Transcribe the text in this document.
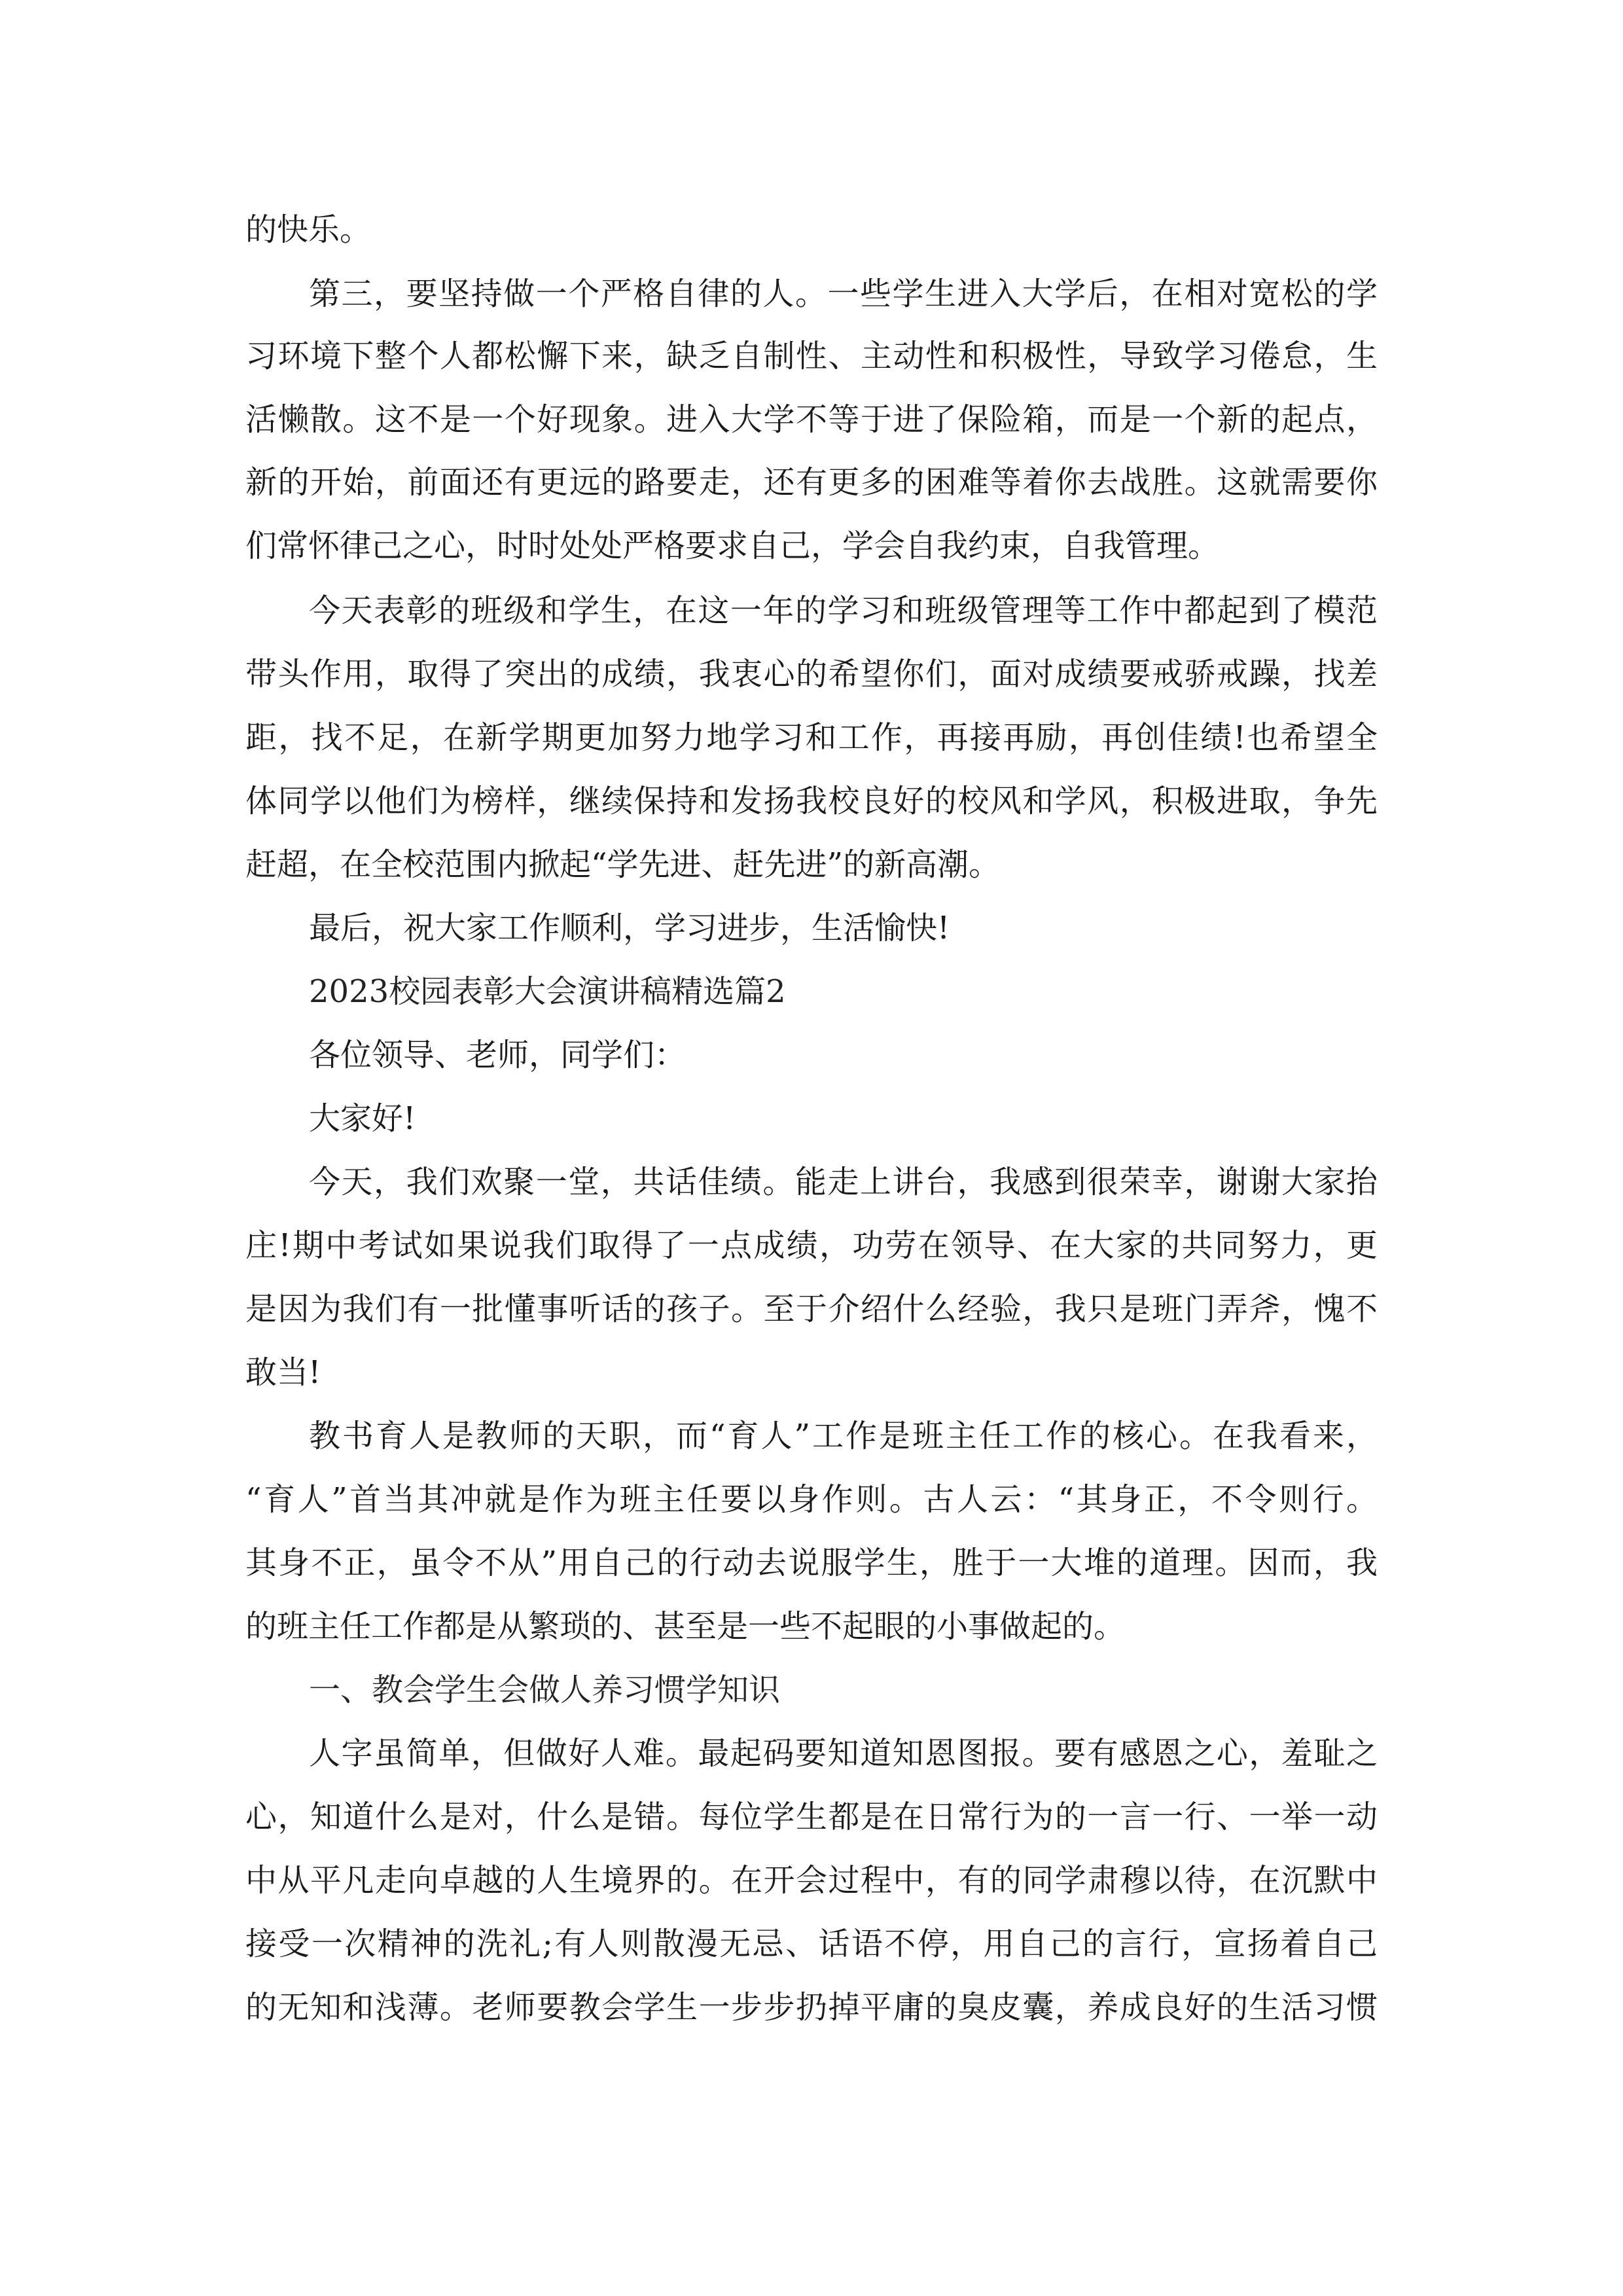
的快乐。
第三，要坚持做一个严格自律的人。一些学生进入大学后，在相对宽松的学
习环境下整个人都松懈下来，缺乏自制性、主动性和积极性，导致学习倦怠，生
活懒散。这不是一个好现象。进入大学不等于进了保险箱，而是一个新的起点，
新的开始，前面还有更远的路要走，还有更多的困难等着你去战胜。这就需要你
们常怀律己之心，时时处处严格要求自己，学会自我约束，自我管理。
今天表彰的班级和学生，在这一年的学习和班级管理等工作中都起到了模范
带头作用，取得了突出的成绩，我衷心的希望你们，面对成绩要戒骄戒躁，找差
距，找不足，在新学期更加努力地学习和工作，再接再励，再创佳绩!也希望全
体同学以他们为榜样，继续保持和发扬我校良好的校风和学风，积极进取，争先
赶超，在全校范围内掀起“学先进、赶先进”的新高潮。
最后，祝大家工作顺利，学习进步，生活愉快!
2023校园表彰大会演讲稿精选篇2
各位领导、老师，同学们：
大家好!
今天，我们欢聚一堂，共话佳绩。能走上讲台，我感到很荣幸，谢谢大家抬
庄!期中考试如果说我们取得了一点成绩，功劳在领导、在大家的共同努力，更
是因为我们有一批懂事听话的孩子。至于介绍什么经验，我只是班门弄斧，愧不
敢当!
教书育人是教师的天职，而“育人”工作是班主任工作的核心。在我看来，
“育人”首当其冲就是作为班主任要以身作则。古人云：“其身正，不令则行。
其身不正，虽令不从”用自己的行动去说服学生，胜于一大堆的道理。因而，我
的班主任工作都是从繁琐的、甚至是一些不起眼的小事做起的。
一、教会学生会做人养习惯学知识
人字虽简单，但做好人难。最起码要知道知恩图报。要有感恩之心，羞耻之
心，知道什么是对，什么是错。每位学生都是在日常行为的一言一行、一举一动
中从平凡走向卓越的人生境界的。在开会过程中，有的同学肃穆以待，在沉默中
接受一次精神的洗礼;有人则散漫无忌、话语不停，用自己的言行，宣扬着自己
的无知和浅薄。老师要教会学生一步步扔掉平庸的臭皮囊，养成良好的生活习惯
